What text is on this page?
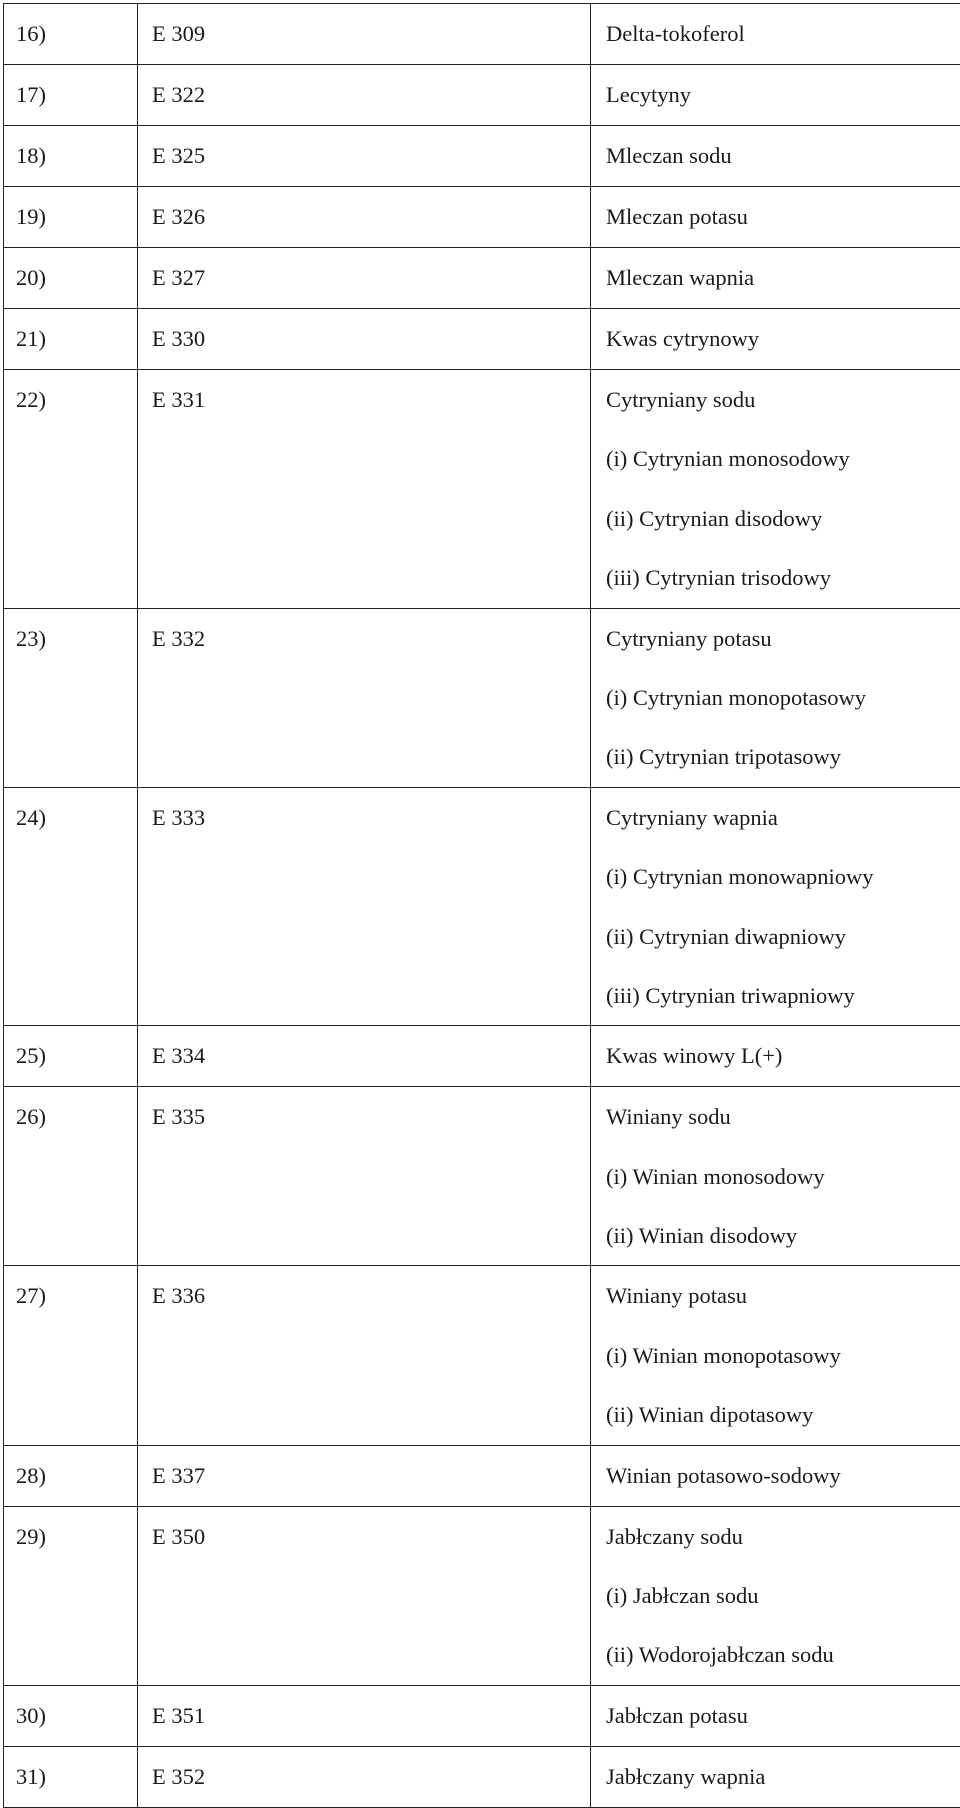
16)	E 309	Delta-tokoferol

17)	E 322	Lecytyny

18)	E 325	Mleczan sodu

19)	E 326	Mleczan potasu

20)	E 327	Mleczan wapnia

21)	E 330	Kwas cytrynowy

22)	E 331	Cytryniany sodu
(i) Cytrynian monosodowy
(ii) Cytrynian disodowy
(iii) Cytrynian trisodowy

23)	E 332	Cytryniany potasu
(i) Cytrynian monopotasowy
(ii) Cytrynian tripotasowy

24)	E 333	Cytryniany wapnia
(i) Cytrynian monowapniowy
(ii) Cytrynian diwapniowy
(iii) Cytrynian triwapniowy

25)	E 334	Kwas winowy L(+)

26)	E 335	Winiany sodu
(i) Winian monosodowy
(ii) Winian disodowy

27)	E 336	Winiany potasu
(i) Winian monopotasowy
(ii) Winian dipotasowy

28)	E 337	Winian potasowo-sodowy

29)	E 350	Jabłczany sodu
(i) Jabłczan sodu
(ii) Wodorojabłczan sodu

30)	E 351	Jabłczan potasu

31)	E 352	Jabłczany wapnia
